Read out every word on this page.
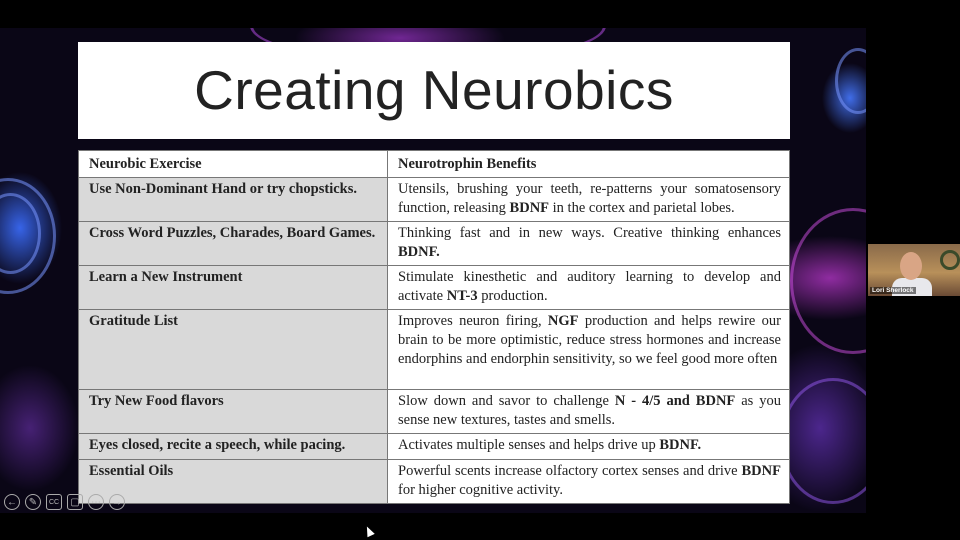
Creating Neurobics
Neurobic Exercise	Neurotrophin Benefits
Use Non-Dominant Hand or try chopsticks.	Utensils, brushing your teeth, re-patterns your somatosensory function, releasing BDNF in the cortex and parietal lobes.
Cross Word Puzzles, Charades, Board Games.	Thinking fast and in new ways. Creative thinking enhances BDNF.
Learn a New Instrument	Stimulate kinesthetic and auditory learning to develop and activate NT-3 production.
Gratitude List	Improves neuron firing, NGF production and helps rewire our brain to be more optimistic, reduce stress hormones and increase endorphins and endorphin sensitivity, so we feel good more often
Try New Food flavors	Slow down and savor to challenge N - 4/5 and BDNF as you sense new textures, tastes and smells.
Eyes closed, recite a speech, while pacing.	Activates multiple senses and helps drive up BDNF.
Essential Oils	Powerful scents increase olfactory cortex senses and drive BDNF for higher cognitive activity.
←	✎	CC	▢	⋯	→
Lori Sherlock
